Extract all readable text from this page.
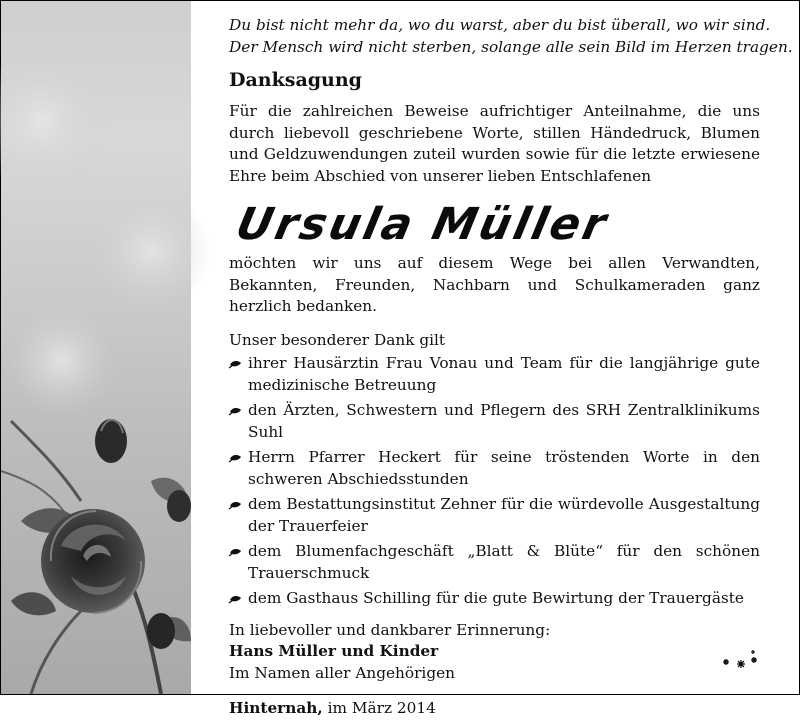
Du bist nicht mehr da, wo du warst, aber du bist überall, wo wir sind.
Der Mensch wird nicht sterben, solange alle sein Bild im Herzen tragen.
Danksagung

Für die zahlreichen Beweise aufrichtiger Anteilnahme, die uns durch liebevoll geschriebene Worte, stillen Händedruck, Blumen und Geldzuwendungen zuteil wurden sowie für die letzte erwiesene Ehre beim Abschied von unserer lieben Entschlafenen

Ursula Müller

möchten wir uns auf diesem Wege bei allen Verwandten, Bekannten, Freunden, Nachbarn und Schulkameraden ganz herzlich bedanken.

Unser besonderer Dank gilt

ihrer Hausärztin Frau Vonau und Team für die langjährige gute medizinische Betreuung
den Ärzten, Schwestern und Pflegern des SRH Zentralklinikums Suhl
Herrn Pfarrer Heckert für seine tröstenden Worte in den schweren Abschiedsstunden
dem Bestattungsinstitut Zehner für die würdevolle Ausgestaltung der Trauerfeier
dem Blumenfachgeschäft „Blatt & Blüte“ für den schönen Trauerschmuck
dem Gasthaus Schilling für die gute Bewirtung der Trauergäste

In liebevoller und dankbarer Erinnerung:

Hans Müller und Kinder

Im Namen aller Angehörigen

Hinternah, im März 2014
